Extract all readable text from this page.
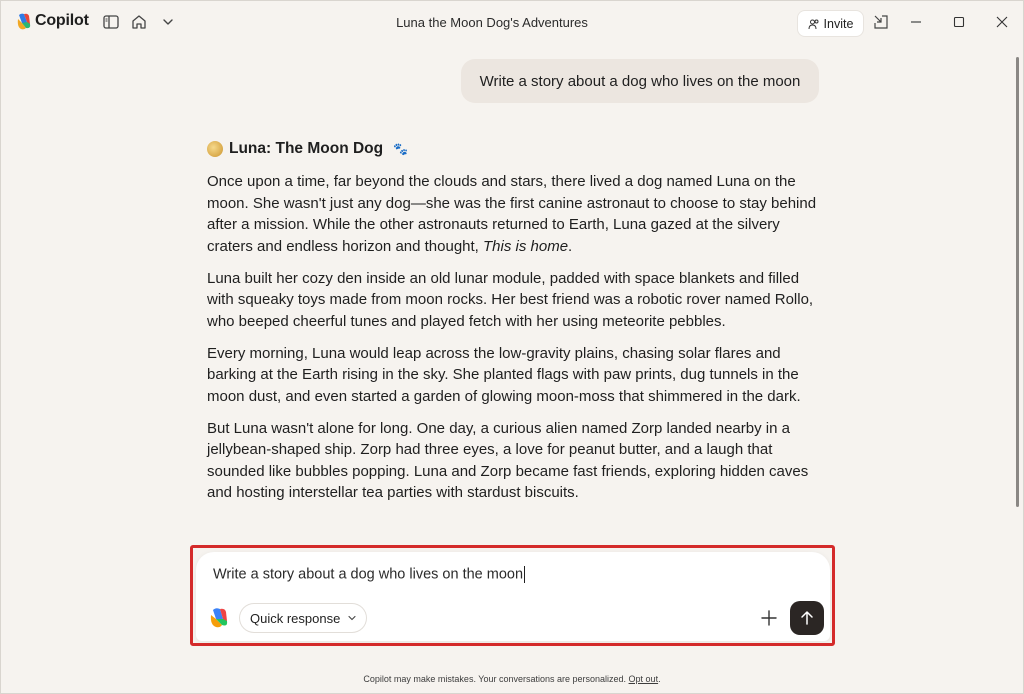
Copilot	Luna the Moon Dog's Adventures	Invite
Write a story about a dog who lives on the moon
Luna: The Moon Dog 🐾

Once upon a time, far beyond the clouds and stars, there lived a dog named Luna on the moon. She wasn't just any dog—she was the first canine astronaut to choose to stay behind after a mission. While the other astronauts returned to Earth, Luna gazed at the silvery craters and endless horizon and thought, This is home.

Luna built her cozy den inside an old lunar module, padded with space blankets and filled with squeaky toys made from moon rocks. Her best friend was a robotic rover named Rollo, who beeped cheerful tunes and played fetch with her using meteorite pebbles.

Every morning, Luna would leap across the low-gravity plains, chasing solar flares and barking at the Earth rising in the sky. She planted flags with paw prints, dug tunnels in the moon dust, and even started a garden of glowing moon-moss that shimmered in the dark.

But Luna wasn't alone for long. One day, a curious alien named Zorp landed nearby in a jellybean-shaped ship. Zorp had three eyes, a love for peanut butter, and a laugh that sounded like bubbles popping. Luna and Zorp became fast friends, exploring hidden caves and hosting interstellar tea parties with stardust biscuits.

Write a story about a dog who lives on the moon
Quick response
Copilot may make mistakes. Your conversations are personalized. Opt out.
